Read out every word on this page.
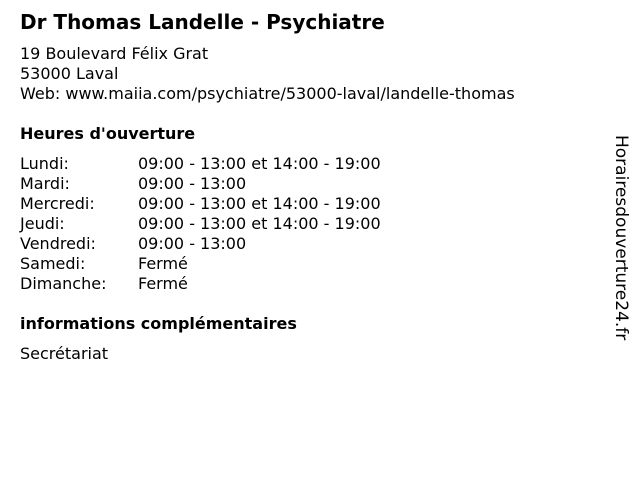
Dr Thomas Landelle - Psychiatre
19 Boulevard Félix Grat
53000 Laval
Web: www.maiia.com/psychiatre/53000-laval/landelle-thomas
Heures d'ouverture
Lundi:	09:00 - 13:00 et 14:00 - 19:00
Mardi:	09:00 - 13:00
Mercredi:	09:00 - 13:00 et 14:00 - 19:00
Jeudi:	09:00 - 13:00 et 14:00 - 19:00
Vendredi:	09:00 - 13:00
Samedi:	Fermé
Dimanche:	Fermé
informations complémentaires
Secrétariat
Horairesdouverture24.fr
